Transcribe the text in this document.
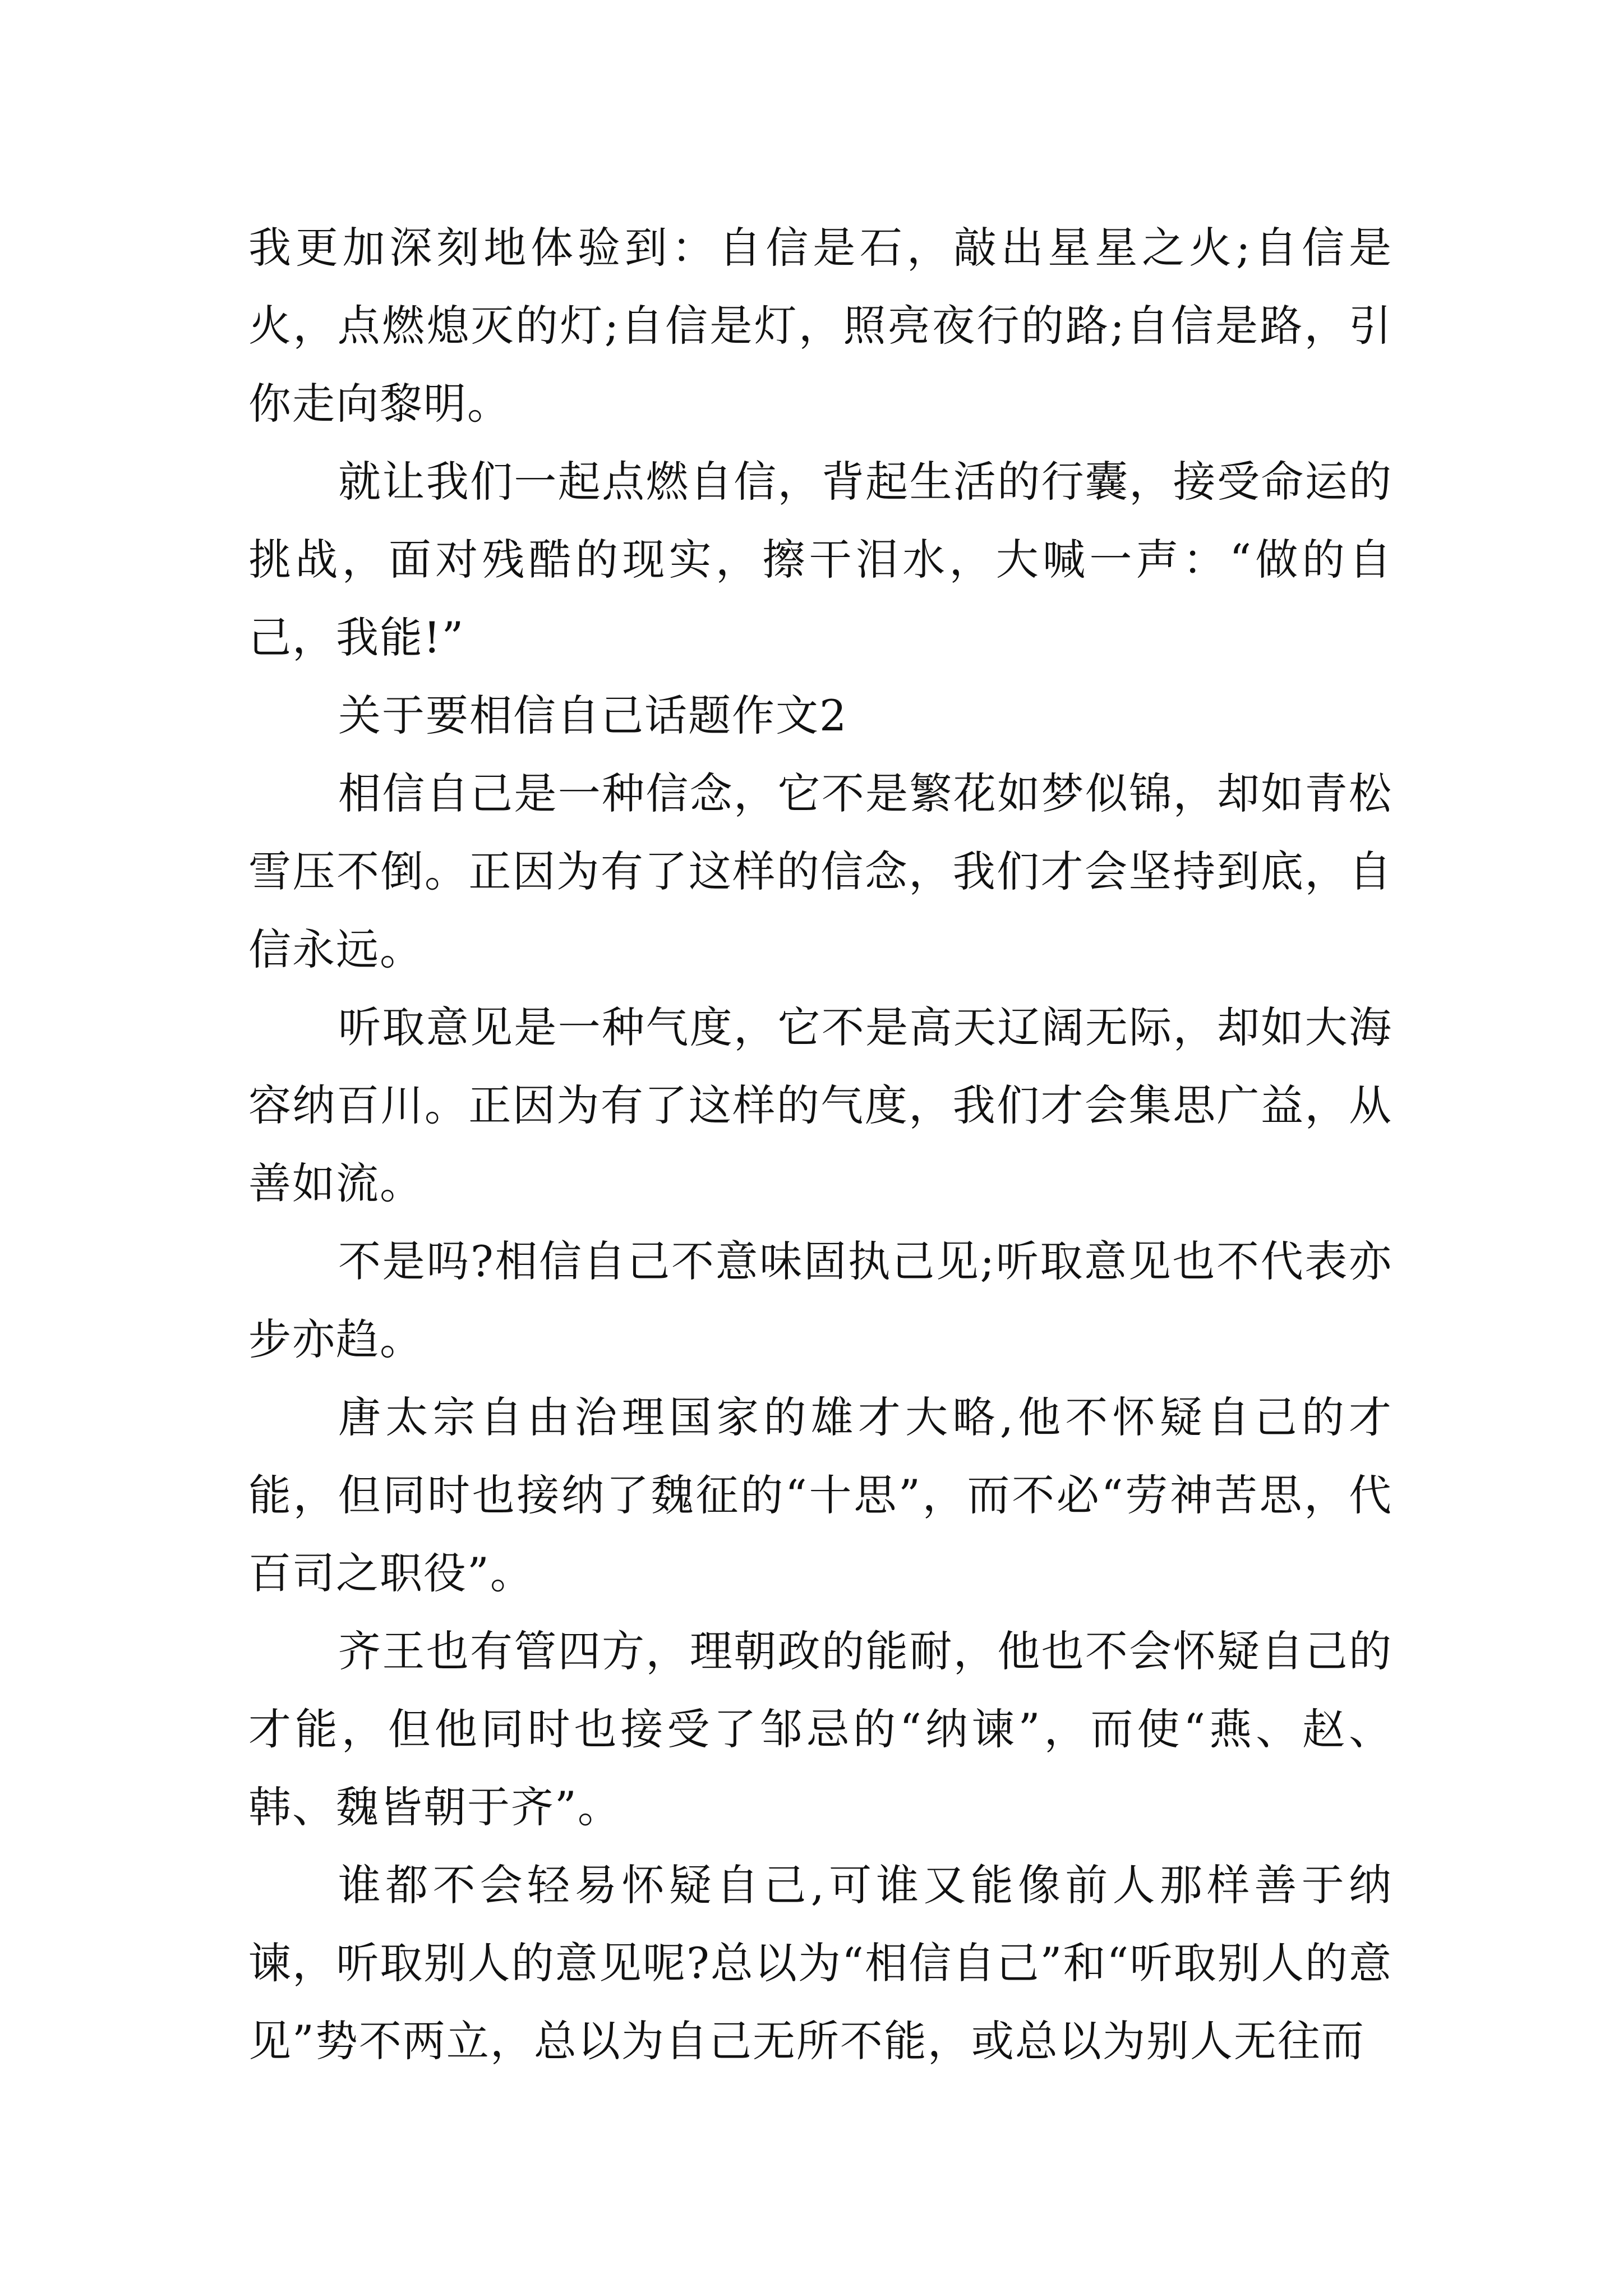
我更加深刻地体验到：自信是石，敲出星星之火;自信是火，点燃熄灭的灯;自信是灯，照亮夜行的路;自信是路，引你走向黎明。

就让我们一起点燃自信，背起生活的行囊，接受命运的挑战，面对残酷的现实，擦干泪水，大喊一声：“做的自己，我能!”

关于要相信自己话题作文2

相信自己是一种信念，它不是繁花如梦似锦，却如青松雪压不倒。正因为有了这样的信念，我们才会坚持到底，自信永远。

听取意见是一种气度，它不是高天辽阔无际，却如大海容纳百川。正因为有了这样的气度，我们才会集思广益，从善如流。

不是吗?相信自己不意味固执己见;听取意见也不代表亦步亦趋。

唐太宗自由治理国家的雄才大略,他不怀疑自己的才能，但同时也接纳了魏征的“十思”，而不必“劳神苦思，代百司之职役”。

齐王也有管四方，理朝政的能耐，他也不会怀疑自己的才能，但他同时也接受了邹忌的“纳谏”，而使“燕、赵、韩、魏皆朝于齐”。

谁都不会轻易怀疑自己,可谁又能像前人那样善于纳谏，听取别人的意见呢?总以为“相信自己”和“听取别人的意见”势不两立，总以为自己无所不能，或总以为别人无往而
